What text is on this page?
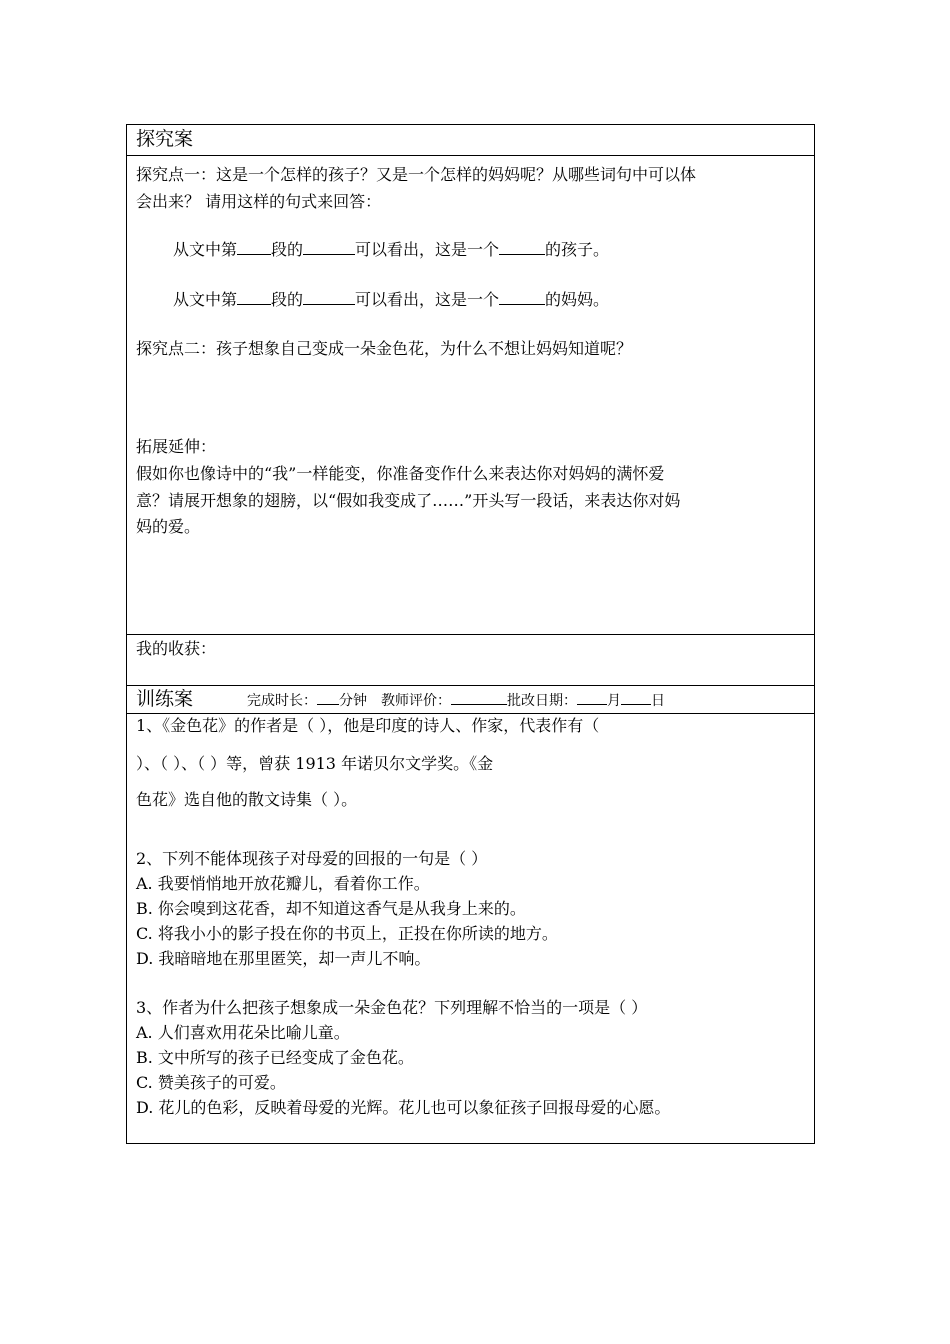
探究案
探究点一：这是一个怎样的孩子？又是一个怎样的妈妈呢？从哪些词句中可以体
会出来？ 请用这样的句式来回答：
从文中第 段的	可以看出，这是一个	的孩子。
从文中第 段的	可以看出，这是一个	的妈妈。
探究点二：孩子想象自己变成一朵金色花，为什么不想让妈妈知道呢？
拓展延伸：
假如你也像诗中的“我”一样能变，你准备变作什么来表达你对妈妈的满怀爱
意？请展开想象的翅膀，以“假如我变成了……”开头写一段话，来表达你对妈
妈的爱。
我的收获：
训练案	完成时长： 分钟 教师评价：	批改日期： 月 日
1、《金色花》的作者是（ ），他是印度的诗人、作家，代表作有（
）、（ ）、（ ）等，曾获 1913 年诺贝尔文学奖。《金
色花》选自他的散文诗集（ ）。
2、下列不能体现孩子对母爱的回报的一句是（ ）
A. 我要悄悄地开放花瓣儿，看着你工作。
B. 你会嗅到这花香，却不知道这香气是从我身上来的。
C. 将我小小的影子投在你的书页上，正投在你所读的地方。
D. 我暗暗地在那里匿笑，却一声儿不响。
3、作者为什么把孩子想象成一朵金色花？下列理解不恰当的一项是（ ）
A. 人们喜欢用花朵比喻儿童。
B. 文中所写的孩子已经变成了金色花。
C. 赞美孩子的可爱。
D. 花儿的色彩，反映着母爱的光辉。花儿也可以象征孩子回报母爱的心愿。
